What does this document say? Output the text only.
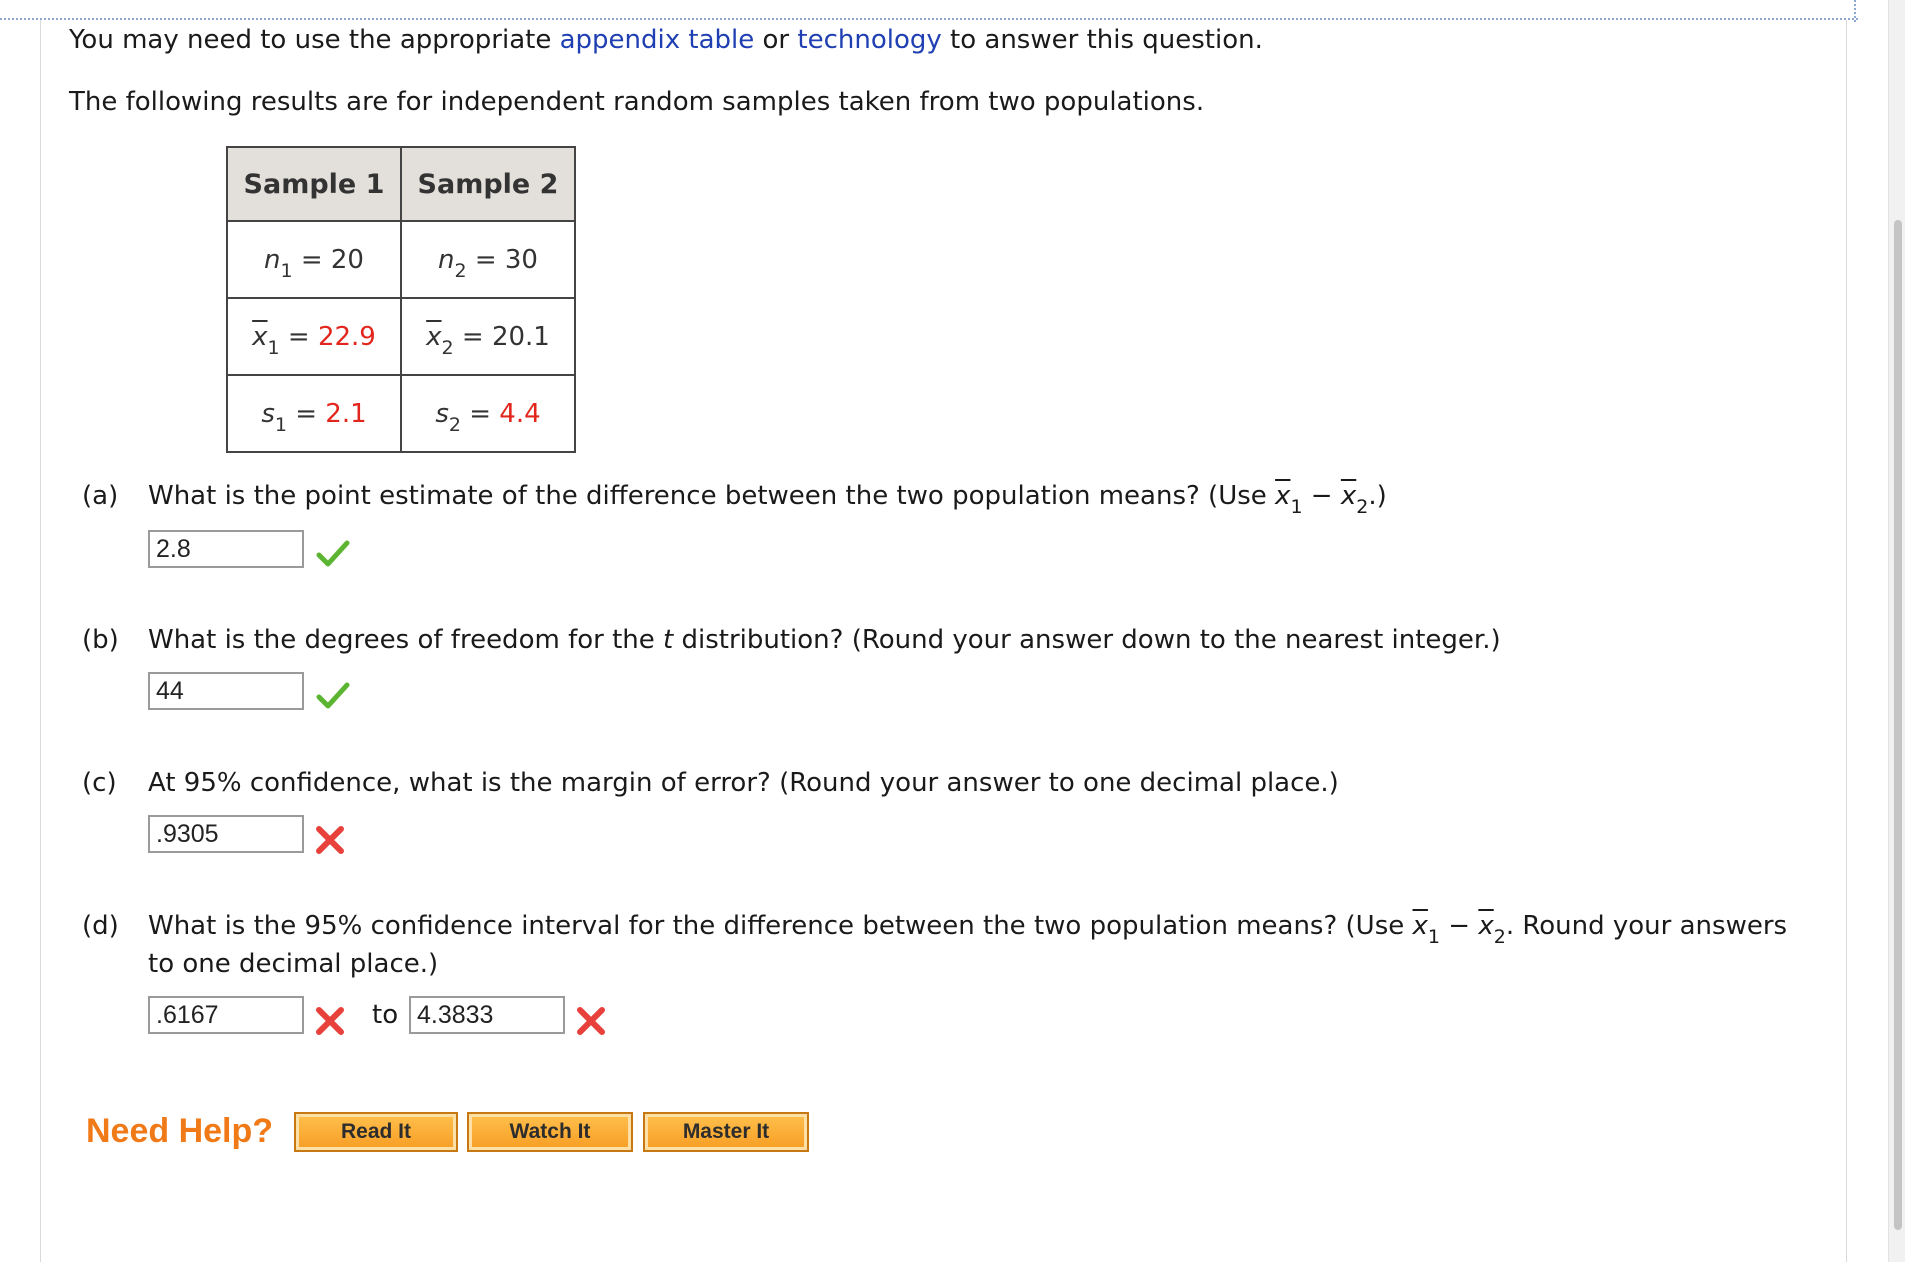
You may need to use the appropriate appendix table or technology to answer this question.
The following results are for independent random samples taken from two populations.
Sample 1	Sample 2
$n_1 = 20$	$n_2 = 30$
$\overline{x}_1 = 22.9$	$\overline{x}_2 = 20.1$
$s_1 = 2.1$	$s_2 = 4.4$
(a) What is the point estimate of the difference between the two population means? (Use $\overline{x}_1 - \overline{x}_2$.)
2.8
(b) What is the degrees of freedom for the t distribution? (Round your answer down to the nearest integer.)
44
(c) At 95% confidence, what is the margin of error? (Round your answer to one decimal place.)
.9305
(d) What is the 95% confidence interval for the difference between the two population means? (Use $\overline{x}_1 - \overline{x}_2$. Round your answers
to one decimal place.)
.6167	to 4.3833
Need Help?	Read It	Watch It	Master It
